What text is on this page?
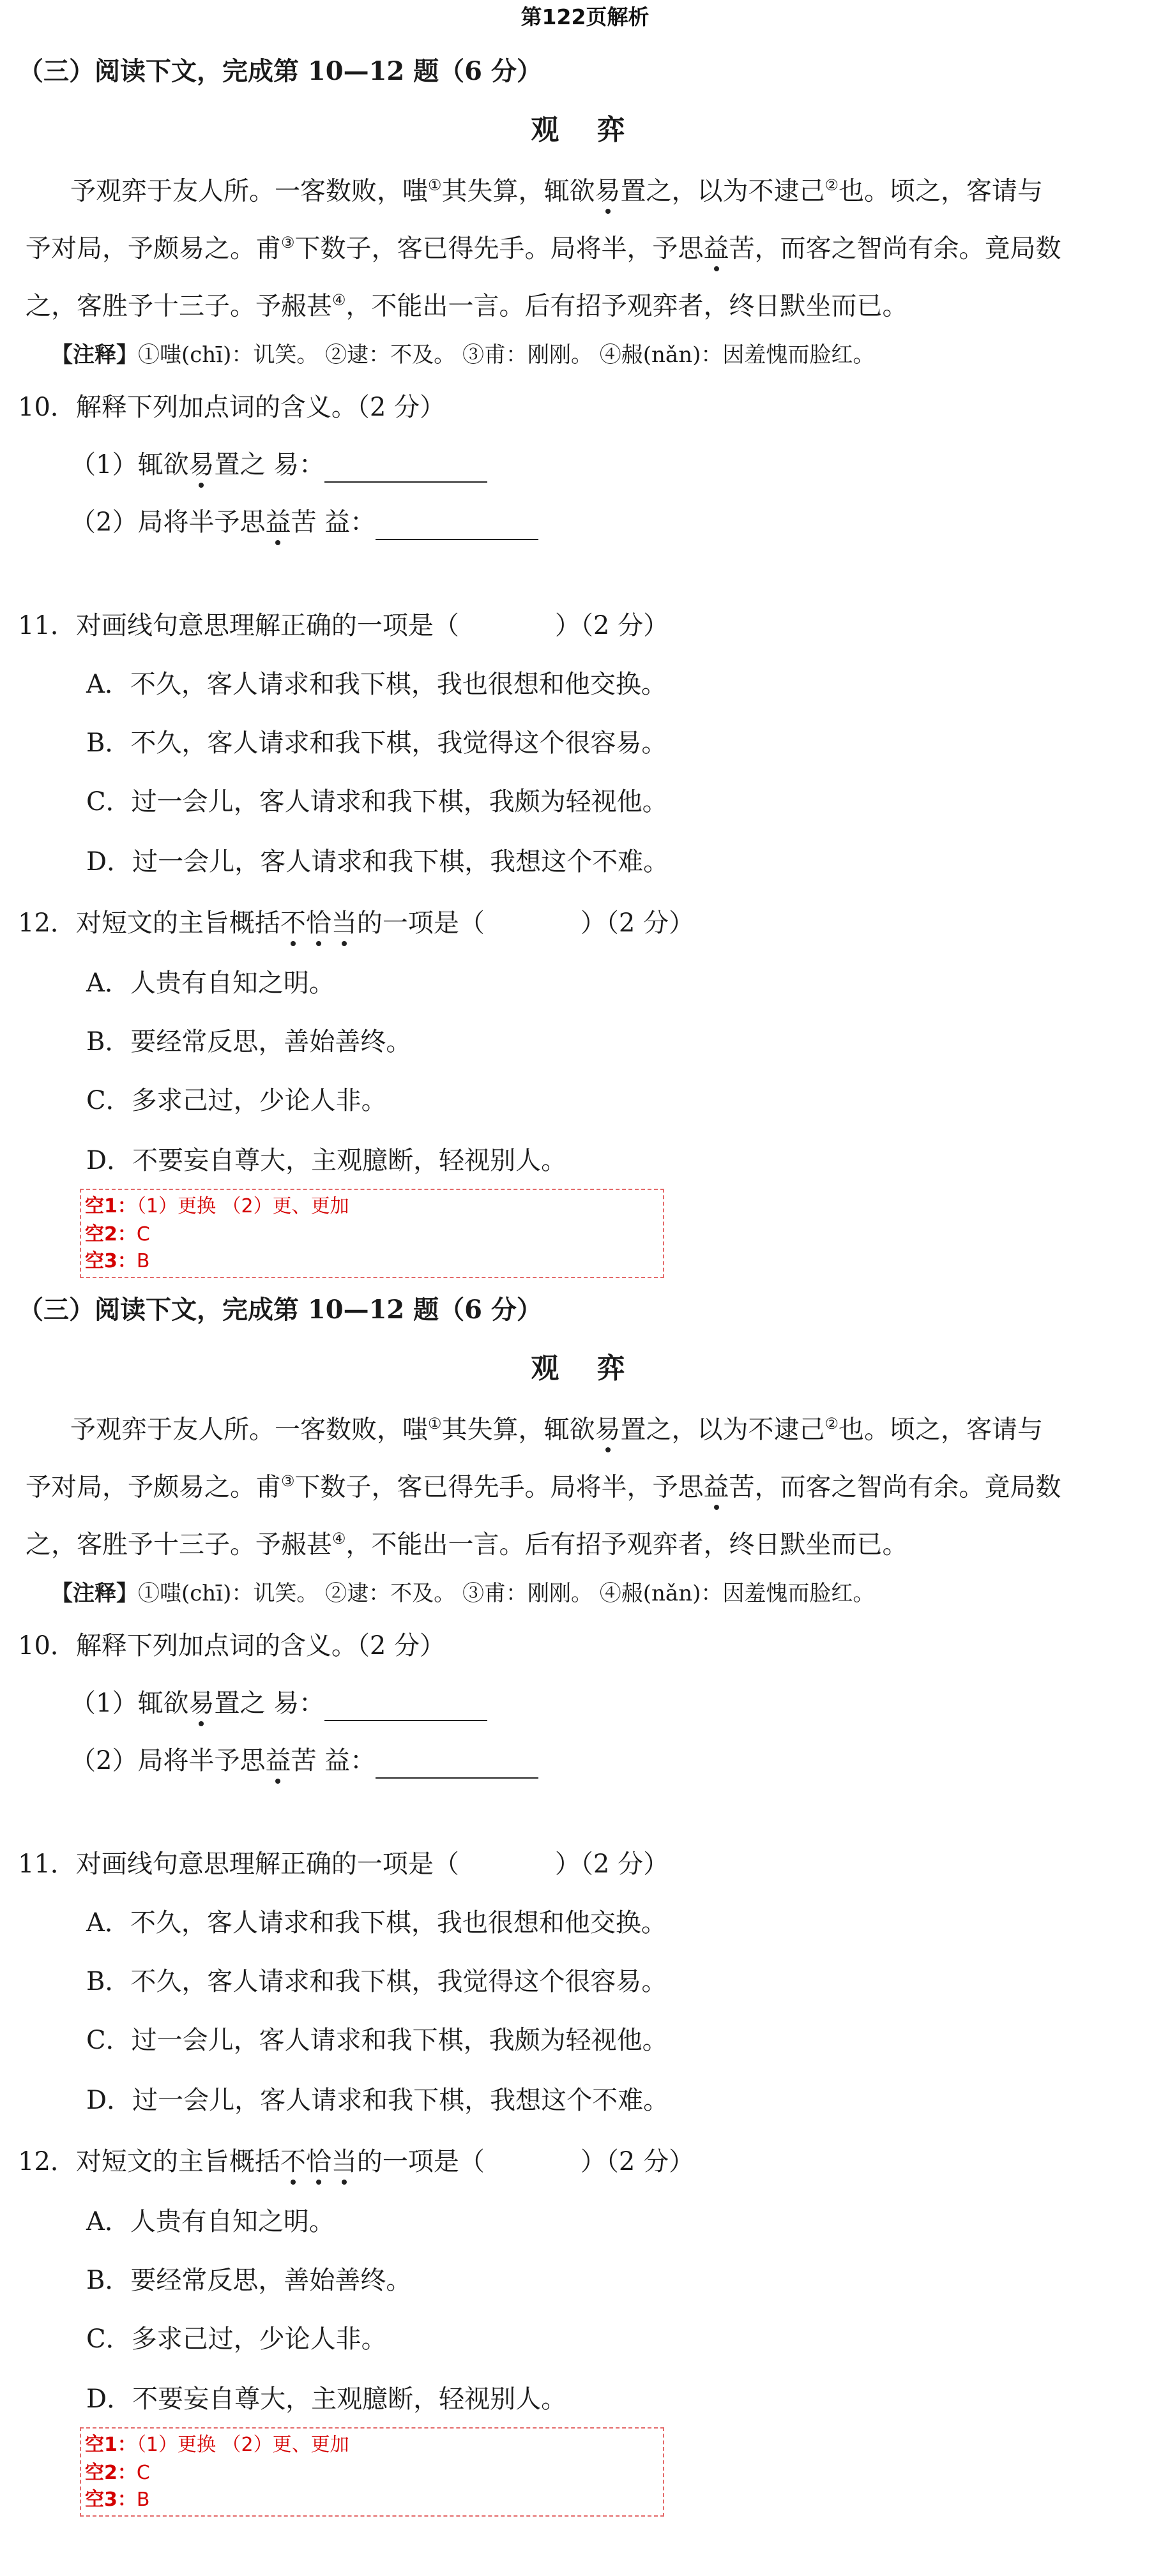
第122页解析
（三）阅读下文，完成第 10—12 题（6 分）
观 弈
予观弈于友人所。一客数败，嗤①其失算，辄欲易置之，以为不逮己②也。顷之，客请与
予对局，予颇易之。甫③下数子，客已得先手。局将半，予思益苦，而客之智尚有余。竟局数
之，客胜予十三子。予赧甚④，不能出一言。后有招予观弈者，终日默坐而已。
【注释】①嗤(chī)：讥笑。 ②逮：不及。 ③甫：刚刚。 ④赧(nǎn)：因羞愧而脸红。
10．解释下列加点词的含义。（2 分）
（1）辄欲易置之 易：
（2）局将半予思益苦 益：
11．对画线句意思理解正确的一项是（	）（2 分）
A．不久，客人请求和我下棋，我也很想和他交换。
B．不久，客人请求和我下棋，我觉得这个很容易。
C．过一会儿，客人请求和我下棋，我颇为轻视他。
D．过一会儿，客人请求和我下棋，我想这个不难。
12．对短文的主旨概括不恰当的一项是（	）（2 分）
A．人贵有自知之明。
B．要经常反思，善始善终。
C．多求己过，少论人非。
D．不要妄自尊大，主观臆断，轻视别人。
空1：（1）更换 （2）更、更加
空2：C
空3：B
（三）阅读下文，完成第 10—12 题（6 分）
观 弈
予观弈于友人所。一客数败，嗤①其失算，辄欲易置之，以为不逮己②也。顷之，客请与
予对局，予颇易之。甫③下数子，客已得先手。局将半，予思益苦，而客之智尚有余。竟局数
之，客胜予十三子。予赧甚④，不能出一言。后有招予观弈者，终日默坐而已。
【注释】①嗤(chī)：讥笑。 ②逮：不及。 ③甫：刚刚。 ④赧(nǎn)：因羞愧而脸红。
10．解释下列加点词的含义。（2 分）
（1）辄欲易置之 易：
（2）局将半予思益苦 益：
11．对画线句意思理解正确的一项是（	）（2 分）
A．不久，客人请求和我下棋，我也很想和他交换。
B．不久，客人请求和我下棋，我觉得这个很容易。
C．过一会儿，客人请求和我下棋，我颇为轻视他。
D．过一会儿，客人请求和我下棋，我想这个不难。
12．对短文的主旨概括不恰当的一项是（	）（2 分）
A．人贵有自知之明。
B．要经常反思，善始善终。
C．多求己过，少论人非。
D．不要妄自尊大，主观臆断，轻视别人。
空1：（1）更换 （2）更、更加
空2：C
空3：B
